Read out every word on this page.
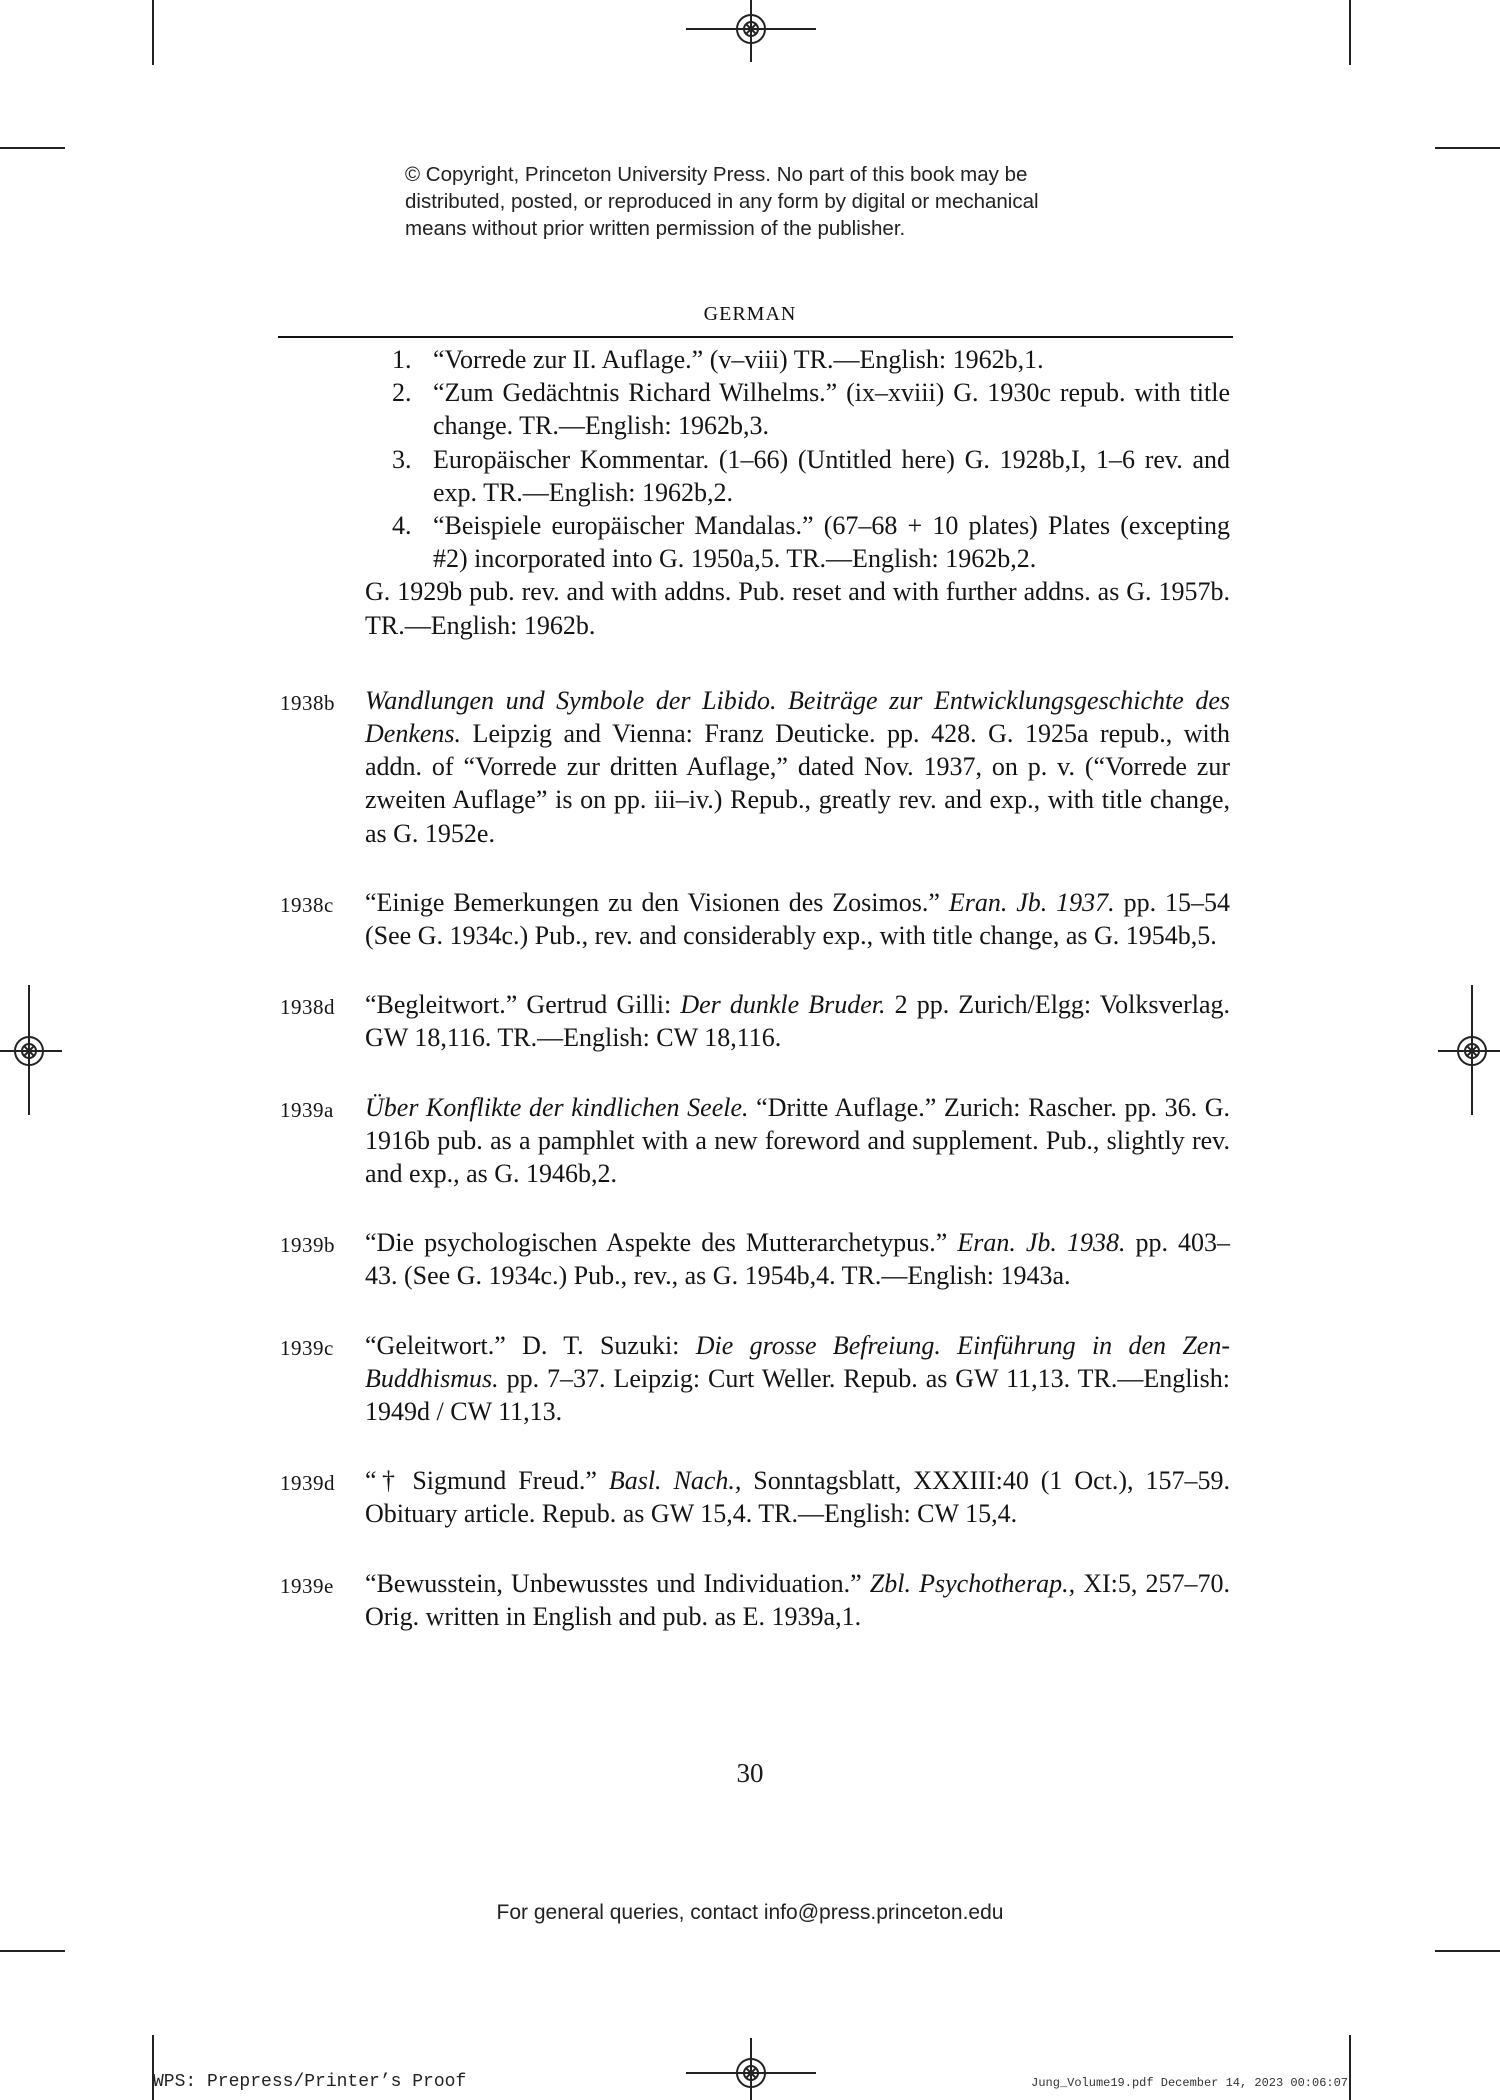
© Copyright, Princeton University Press. No part of this book may be
distributed, posted, or reproduced in any form by digital or mechanical
means without prior written permission of the publisher.
GERMAN
1. “Vorrede zur II. Auflage.” (v–viii) TR.—English: 1962b,1.
2. “Zum Gedächtnis Richard Wilhelms.” (ix–xviii) G. 1930c repub. with title change. TR.—English: 1962b,3.
3. Europäischer Kommentar. (1–66) (Untitled here) G. 1928b,I, 1–6 rev. and exp. TR.—English: 1962b,2.
4. “Beispiele europäischer Mandalas.” (67–68 + 10 plates) Plates (excepting #2) incorporated into G. 1950a,5. TR.—English: 1962b,2.
G. 1929b pub. rev. and with addns. Pub. reset and with further addns. as G. 1957b. TR.—English: 1962b.
1938b Wandlungen und Symbole der Libido. Beiträge zur Entwicklungsgeschichte des Denkens. Leipzig and Vienna: Franz Deuticke. pp. 428. G. 1925a repub., with addn. of “Vorrede zur dritten Auflage,” dated Nov. 1937, on p. v. (“Vorrede zur zweiten Auflage” is on pp. iii–iv.) Repub., greatly rev. and exp., with title change, as G. 1952e.
1938c “Einige Bemerkungen zu den Visionen des Zosimos.” Eran. Jb. 1937. pp. 15–54 (See G. 1934c.) Pub., rev. and considerably exp., with title change, as G. 1954b,5.
1938d “Begleitwort.” Gertrud Gilli: Der dunkle Bruder. 2 pp. Zurich/Elgg: Volksverlag. GW 18,116. TR.—English: CW 18,116.
1939a Über Konflikte der kindlichen Seele. “Dritte Auflage.” Zurich: Rascher. pp. 36. G. 1916b pub. as a pamphlet with a new foreword and supplement. Pub., slightly rev. and exp., as G. 1946b,2.
1939b “Die psychologischen Aspekte des Mutterarchetypus.” Eran. Jb. 1938. pp. 403–43. (See G. 1934c.) Pub., rev., as G. 1954b,4. TR.—English: 1943a.
1939c “Geleitwort.” D. T. Suzuki: Die grosse Befreiung. Einführung in den Zen-Buddhismus. pp. 7–37. Leipzig: Curt Weller. Repub. as GW 11,13. TR.—English: 1949d / CW 11,13.
1939d “† Sigmund Freud.” Basl. Nach., Sonntagsblatt, XXXIII:40 (1 Oct.), 157–59. Obituary article. Repub. as GW 15,4. TR.—English: CW 15,4.
1939e “Bewusstein, Unbewusstes und Individuation.” Zbl. Psychotherap., XI:5, 257–70. Orig. written in English and pub. as E. 1939a,1.
30
For general queries, contact info@press.princeton.edu
WPS: Prepress/Printer’s Proof	Jung_Volume19.pdf December 14, 2023 00:06:07
